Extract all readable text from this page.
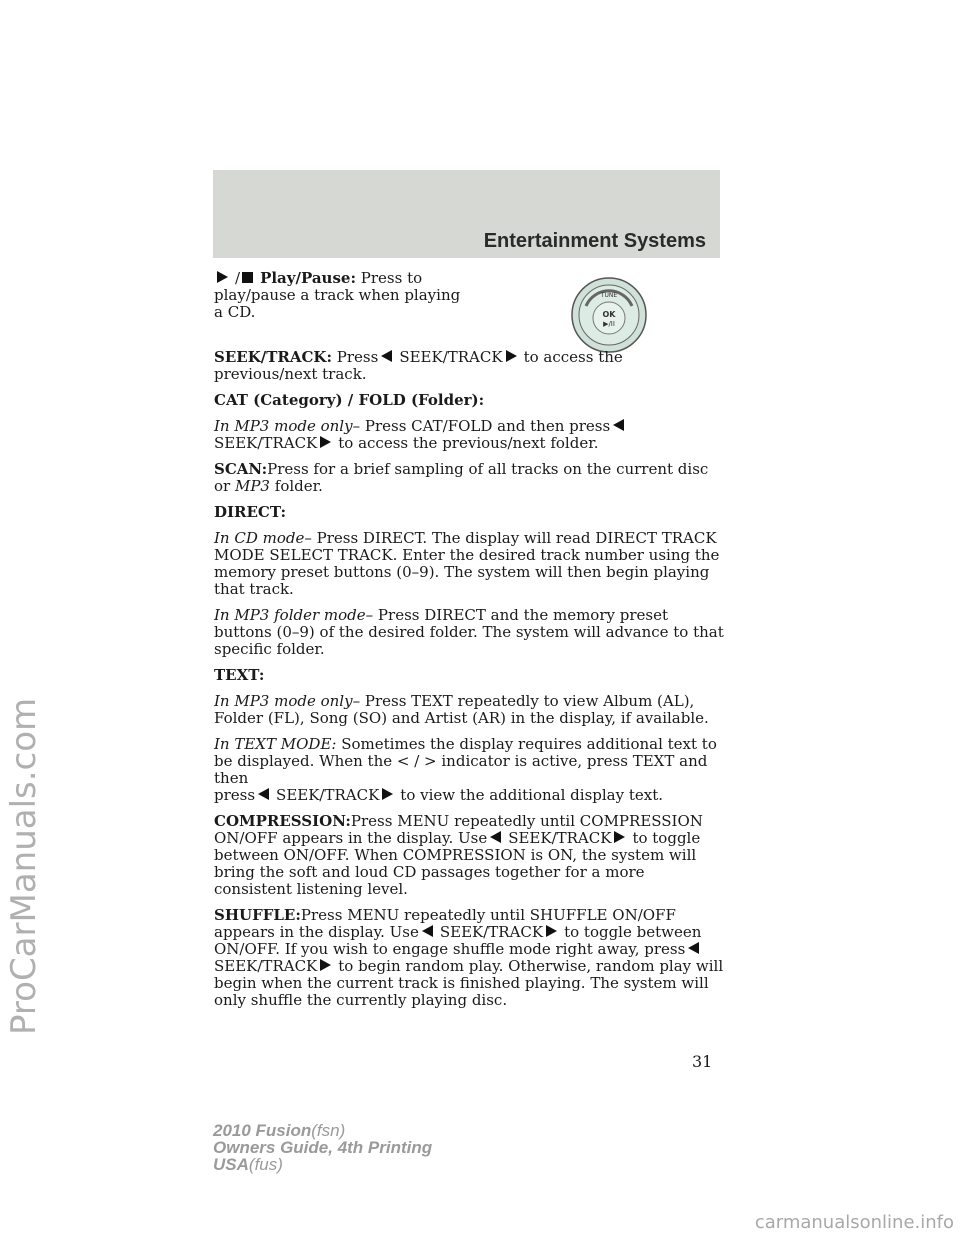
ProCarManuals.com
Entertainment Systems
TUNE
OK
▶/II

/ Play/Pause: Press to play/pause a track when playing a CD.

SEEK/TRACK: Press SEEK/TRACK to access the previous/next track.

CAT (Category) / FOLD (Folder):

In MP3 mode only– Press CAT/FOLD and then press
SEEK/TRACK to access the previous/next folder.

SCAN:Press for a brief sampling of all tracks on the current disc or MP3 folder.

DIRECT:

In CD mode– Press DIRECT. The display will read DIRECT TRACK MODE SELECT TRACK. Enter the desired track number using the memory preset buttons (0–9). The system will then begin playing that track.

In MP3 folder mode– Press DIRECT and the memory preset buttons (0–9) of the desired folder. The system will advance to that specific folder.

TEXT:

In MP3 mode only– Press TEXT repeatedly to view Album (AL), Folder (FL), Song (SO) and Artist (AR) in the display, if available.

In TEXT MODE: Sometimes the display requires additional text to be displayed. When the < / > indicator is active, press TEXT and then
press SEEK/TRACK to view the additional display text.

COMPRESSION:Press MENU repeatedly until COMPRESSION ON/OFF appears in the display. Use SEEK/TRACK to toggle between ON/OFF. When COMPRESSION is ON, the system will bring the soft and loud CD passages together for a more consistent listening level.

SHUFFLE:Press MENU repeatedly until SHUFFLE ON/OFF appears in the display. Use SEEK/TRACK to toggle between ON/OFF. If you wish to engage shuffle mode right away, press
SEEK/TRACK to begin random play. Otherwise, random play will begin when the current track is finished playing. The system will only shuffle the currently playing disc.

31
2010 Fusion(fsn)
Owners Guide, 4th Printing
USA(fus)
carmanualsonline.info
